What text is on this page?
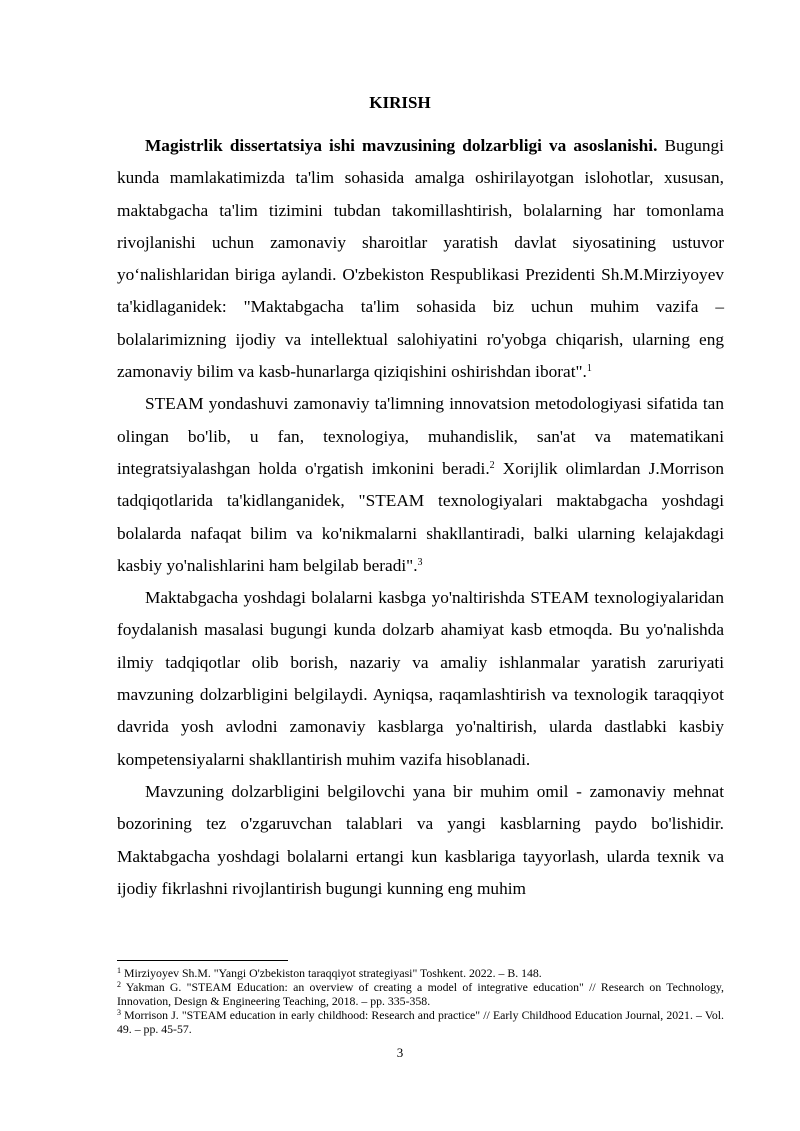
KIRISH

Magistrlik dissertatsiya ishi mavzusining dolzarbligi va asoslanishi. Bugungi kunda mamlakatimizda ta'lim sohasida amalga oshirilayotgan islohotlar, xususan, maktabgacha ta'lim tizimini tubdan takomillashtirish, bolalarning har tomonlama rivojlanishi uchun zamonaviy sharoitlar yaratish davlat siyosatining ustuvor yo‘nalishlaridan biriga aylandi. O'zbekiston Respublikasi Prezidenti Sh.M.Mirziyoyev ta'kidlaganidek: "Maktabgacha ta'lim sohasida biz uchun muhim vazifa – bolalarimizning ijodiy va intellektual salohiyatini ro'yobga chiqarish, ularning eng zamonaviy bilim va kasb-hunarlarga qiziqishini oshirishdan iborat".$^1$

STEAM yondashuvi zamonaviy ta'limning innovatsion metodologiyasi sifatida tan olingan bo'lib, u fan, texnologiya, muhandislik, san'at va matematikani integratsiyalashgan holda o'rgatish imkonini beradi.$^2$ Xorijlik olimlardan J.Morrison tadqiqotlarida ta'kidlanganidek, "STEAM texnologiyalari maktabgacha yoshdagi bolalarda nafaqat bilim va ko'nikmalarni shakllantiradi, balki ularning kelajakdagi kasbiy yo'nalishlarini ham belgilab beradi".$^3$

Maktabgacha yoshdagi bolalarni kasbga yo'naltirishda STEAM texnologiyalaridan foydalanish masalasi bugungi kunda dolzarb ahamiyat kasb etmoqda. Bu yo'nalishda ilmiy tadqiqotlar olib borish, nazariy va amaliy ishlanmalar yaratish zaruriyati mavzuning dolzarbligini belgilaydi. Ayniqsa, raqamlashtirish va texnologik taraqqiyot davrida yosh avlodni zamonaviy kasblarga yo'naltirish, ularda dastlabki kasbiy kompetensiyalarni shakllantirish muhim vazifa hisoblanadi.

Mavzuning dolzarbligini belgilovchi yana bir muhim omil - zamonaviy mehnat bozorining tez o'zgaruvchan talablari va yangi kasblarning paydo bo'lishidir. Maktabgacha yoshdagi bolalarni ertangi kun kasblariga tayyorlash, ularda texnik va ijodiy fikrlashni rivojlantirish bugungi kunning eng muhim

$^1$ Mirziyoyev Sh.M. "Yangi O'zbekiston taraqqiyot strategiyasi" Toshkent. 2022. – B. 148.

$^2$ Yakman G. "STEAM Education: an overview of creating a model of integrative education" // Research on Technology, Innovation, Design & Engineering Teaching, 2018. – pp. 335-358.

$^3$ Morrison J. "STEAM education in early childhood: Research and practice" // Early Childhood Education Journal, 2021. – Vol. 49. – pp. 45-57.

3
